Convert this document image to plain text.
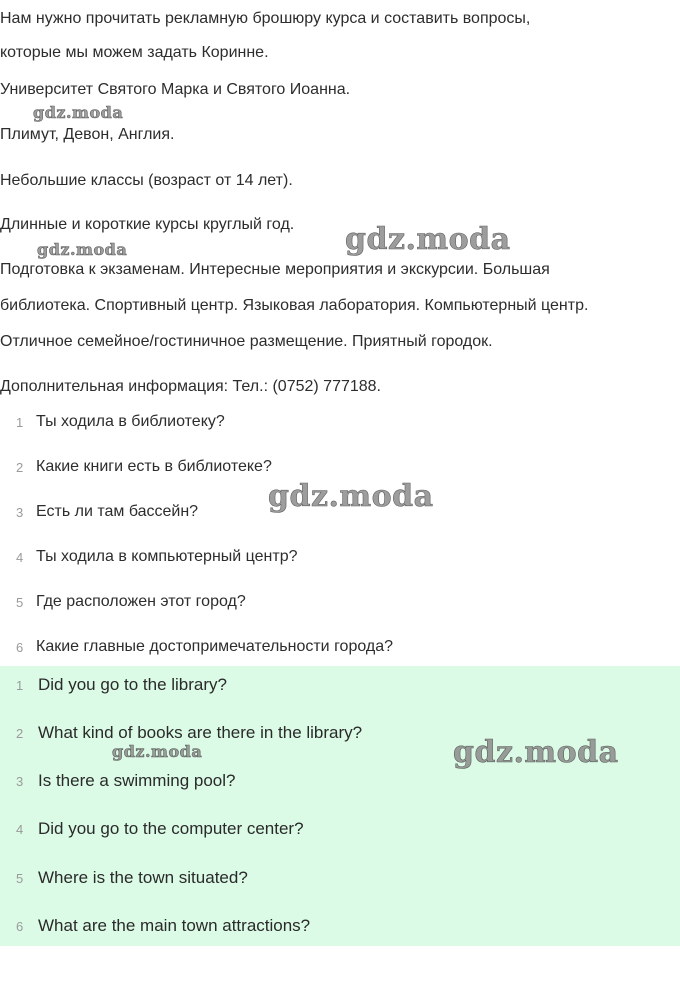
Нам нужно прочитать рекламную брошюру курса и составить вопросы,
которые мы можем задать Коринне.
Университет Святого Марка и Святого Иоанна.
Плимут, Девон, Англия.
Небольшие классы (возраст от 14 лет).
Длинные и короткие курсы круглый год.
Подготовка к экзаменам. Интересные мероприятия и экскурсии. Большая
библиотека. Спортивный центр. Языковая лаборатория. Компьютерный центр.
Отличное семейное/гостиничное размещение. Приятный городок.
Дополнительная информация: Тел.: (0752) 777188.
1 Ты ходила в библиотеку?
2 Какие книги есть в библиотеке?
3 Есть ли там бассейн?
4 Ты ходила в компьютерный центр?
5 Где расположен этот город?
6 Какие главные достопримечательности города?
1 Did you go to the library?
2 What kind of books are there in the library?
3 Is there a swimming pool?
4 Did you go to the computer center?
5 Where is the town situated?
6 What are the main town attractions?
gdz.moda
gdz.moda
gdz.moda
gdz.moda
gdz.moda	gdz.moda
